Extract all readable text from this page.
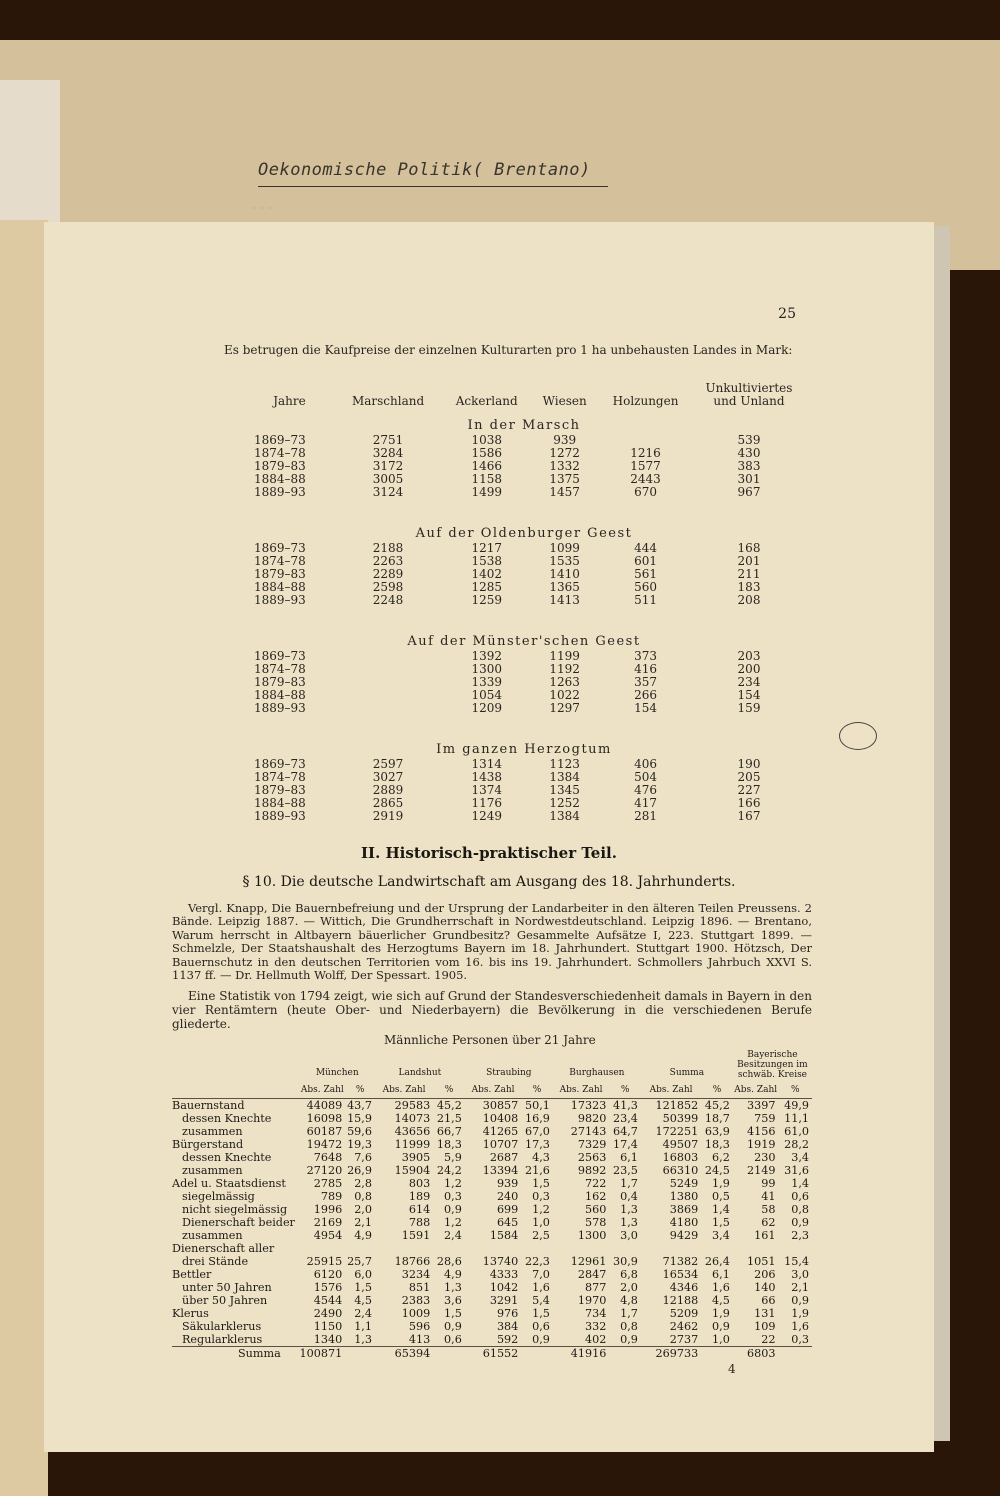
Oekonomische Politik( Brentano)
...
25
Es betrugen die Kaufpreise der einzelnen Kulturarten pro 1 ha unbehausten Landes in Mark:
Jahre	Marschland	Ackerland	Wiesen	Holzungen	Unkultiviertes und Unland
In der Marsch					
1869–73	2751	1038	939		539
1874–78	3284	1586	1272	1216	430
1879–83	3172	1466	1332	1577	383
1884–88	3005	1158	1375	2443	301
1889–93	3124	1499	1457	670	967

Auf der Oldenburger Geest					
1869–73	2188	1217	1099	444	168
1874–78	2263	1538	1535	601	201
1879–83	2289	1402	1410	561	211
1884–88	2598	1285	1365	560	183
1889–93	2248	1259	1413	511	208

Auf der Münster'schen Geest					
1869–73		1392	1199	373	203
1874–78		1300	1192	416	200
1879–83		1339	1263	357	234
1884–88		1054	1022	266	154
1889–93		1209	1297	154	159

Im ganzen Herzogtum					
1869–73	2597	1314	1123	406	190
1874–78	3027	1438	1384	504	205
1879–83	2889	1374	1345	476	227
1884–88	2865	1176	1252	417	166
1889–93	2919	1249	1384	281	167
II. Historisch-praktischer Teil.
§ 10. Die deutsche Landwirtschaft am Ausgang des 18. Jahrhunderts.
Vergl. Knapp, Die Bauernbefreiung und der Ursprung der Landarbeiter in den älteren Teilen Preussens. 2 Bände. Leipzig 1887. — Wittich, Die Grundherrschaft in Nordwestdeutschland. Leipzig 1896. — Brentano, Warum herrscht in Altbayern bäuerlicher Grundbesitz? Gesammelte Aufsätze I, 223. Stuttgart 1899. — Schmelzle, Der Staatshaushalt des Herzogtums Bayern im 18. Jahrhundert. Stuttgart 1900. Hötzsch, Der Bauernschutz in den deutschen Territorien vom 16. bis ins 19. Jahrhundert. Schmollers Jahrbuch XXVI S. 1137 ff. — Dr. Hellmuth Wolff, Der Spessart. 1905.
Eine Statistik von 1794 zeigt, wie sich auf Grund der Standesverschiedenheit damals in Bayern in den vier Rentämtern (heute Ober- und Niederbayern) die Bevölkerung in die verschiedenen Berufe gliederte.
Männliche Personen über 21 Jahre
	München		Landshut		Straubing		Burghausen		Summa		Bayerische Besitzungen im schwäb. Kreise	
	Abs. Zahl	%	Abs. Zahl	%	Abs. Zahl	%	Abs. Zahl	%	Abs. Zahl	%	Abs. Zahl	%
Bauernstand	44089	43,7	29583	45,2	30857	50,1	17323	41,3	121852	45,2	3397	49,9
dessen Knechte	16098	15,9	14073	21,5	10408	16,9	9820	23,4	50399	18,7	759	11,1
zusammen	60187	59,6	43656	66,7	41265	67,0	27143	64,7	172251	63,9	4156	61,0
Bürgerstand	19472	19,3	11999	18,3	10707	17,3	7329	17,4	49507	18,3	1919	28,2
dessen Knechte	7648	7,6	3905	5,9	2687	4,3	2563	6,1	16803	6,2	230	3,4
zusammen	27120	26,9	15904	24,2	13394	21,6	9892	23,5	66310	24,5	2149	31,6
Adel u. Staatsdienst	2785	2,8	803	1,2	939	1,5	722	1,7	5249	1,9	99	1,4
siegelmässig	789	0,8	189	0,3	240	0,3	162	0,4	1380	0,5	41	0,6
nicht siegelmässig	1996	2,0	614	0,9	699	1,2	560	1,3	3869	1,4	58	0,8
Dienerschaft beider	2169	2,1	788	1,2	645	1,0	578	1,3	4180	1,5	62	0,9
zusammen	4954	4,9	1591	2,4	1584	2,5	1300	3,0	9429	3,4	161	2,3
Dienerschaft aller												
drei Stände	25915	25,7	18766	28,6	13740	22,3	12961	30,9	71382	26,4	1051	15,4
Bettler	6120	6,0	3234	4,9	4333	7,0	2847	6,8	16534	6,1	206	3,0
unter 50 Jahren	1576	1,5	851	1,3	1042	1,6	877	2,0	4346	1,6	140	2,1
über 50 Jahren	4544	4,5	2383	3,6	3291	5,4	1970	4,8	12188	4,5	66	0,9
Klerus	2490	2,4	1009	1,5	976	1,5	734	1,7	5209	1,9	131	1,9
Säkularklerus	1150	1,1	596	0,9	384	0,6	332	0,8	2462	0,9	109	1,6
Regularklerus	1340	1,3	413	0,6	592	0,9	402	0,9	2737	1,0	22	0,3
Summa	100871		65394		61552		41916		269733		6803	
4
